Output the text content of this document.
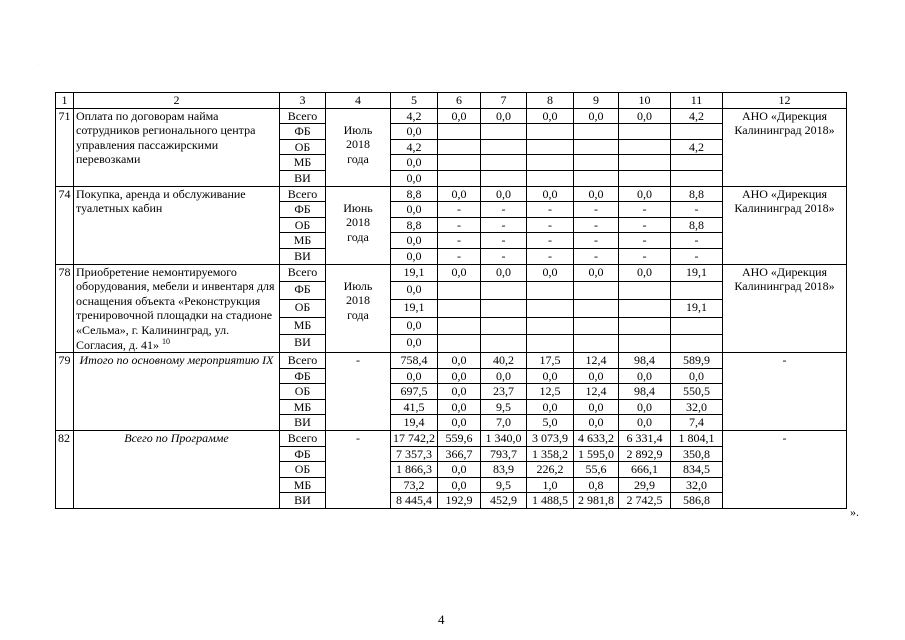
·
1	2	3	4	5	6	7	8	9	10	11	12
71	Оплата по договорам найма сотрудников регионального центра управления пассажирскими перевозками	Всего	Июль 2018 года	4,2	0,0	0,0	0,0	0,0	0,0	4,2	АНО «Дирекция Калининград 2018»
		ФБ		0,0							
		ОБ		4,2						4,2	
		МБ		0,0							
		ВИ		0,0							
74	Покупка, аренда и обслуживание туалетных кабин	Всего	Июнь 2018 года	8,8	0,0	0,0	0,0	0,0	0,0	8,8	АНО «Дирекция Калининград 2018»
		ФБ		0,0	-	-	-	-	-	-	
		ОБ		8,8	-	-	-	-	-	8,8	
		МБ		0,0	-	-	-	-	-	-	
		ВИ		0,0	-	-	-	-	-	-	
78	Приобретение немонтируемого оборудования, мебели и инвентаря для оснащения объекта «Реконструкция тренировочной площадки на стадионе «Сельма», г. Калининград, ул. Согласия, д. 41» $^{10}$	Всего	Июль 2018 года	19,1	0,0	0,0	0,0	0,0	0,0	19,1	АНО «Дирекция Калининград 2018»
		ФБ		0,0							
		ОБ		19,1						19,1	
		МБ		0,0							
		ВИ		0,0							
79	Итого по основному мероприятию IX	Всего	-	758,4	0,0	40,2	17,5	12,4	98,4	589,9	-
		ФБ		0,0	0,0	0,0	0,0	0,0	0,0	0,0	
		ОБ		697,5	0,0	23,7	12,5	12,4	98,4	550,5	
		МБ		41,5	0,0	9,5	0,0	0,0	0,0	32,0	
		ВИ		19,4	0,0	7,0	5,0	0,0	0,0	7,4	
82	Всего по Программе	Всего	-	17 742,2	559,6	1 340,0	3 073,9	4 633,2	6 331,4	1 804,1	-
		ФБ		7 357,3	366,7	793,7	1 358,2	1 595,0	2 892,9	350,8	
		ОБ		1 866,3	0,0	83,9	226,2	55,6	666,1	834,5	
		МБ		73,2	0,0	9,5	1,0	0,8	29,9	32,0	
		ВИ		8 445,4	192,9	452,9	1 488,5	2 981,8	2 742,5	586,8	
».
4
